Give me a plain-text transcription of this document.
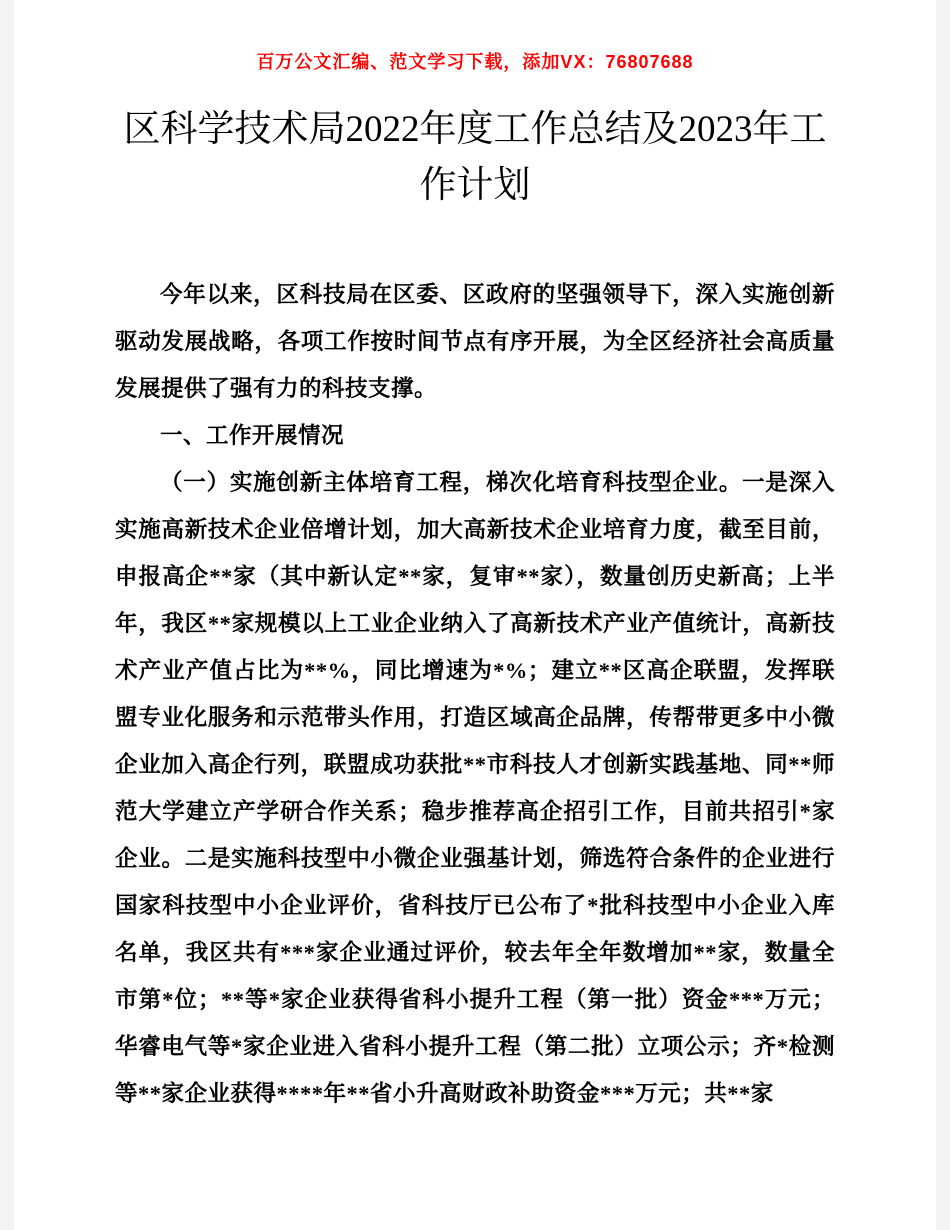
百万公文汇编、范文学习下载，添加VX：76807688
区科学技术局2022年度工作总结及2023年工作计划

今年以来，区科技局在区委、区政府的坚强领导下，深入实施创新驱动发展战略，各项工作按时间节点有序开展，为全区经济社会高质量发展提供了强有力的科技支撑。

一、工作开展情况

（一）实施创新主体培育工程，梯次化培育科技型企业。一是深入实施高新技术企业倍增计划，加大高新技术企业培育力度，截至目前，申报高企**家（其中新认定**家，复审**家），数量创历史新高；上半年，我区**家规模以上工业企业纳入了高新技术产业产值统计，高新技术产业产值占比为**%，同比增速为*%；建立**区高企联盟，发挥联盟专业化服务和示范带头作用，打造区域高企品牌，传帮带更多中小微企业加入高企行列，联盟成功获批**市科技人才创新实践基地、同**师范大学建立产学研合作关系；稳步推荐高企招引工作，目前共招引*家企业。二是实施科技型中小微企业强基计划，筛选符合条件的企业进行国家科技型中小企业评价，省科技厅已公布了*批科技型中小企业入库名单，我区共有***家企业通过评价，较去年全年数增加**家，数量全市第*位；**等*家企业获得省科小提升工程（第一批）资金***万元；华睿电气等*家企业进入省科小提升工程（第二批）立项公示；齐*检测等**家企业获得****年**省小升高财政补助资金***万元；共**家
